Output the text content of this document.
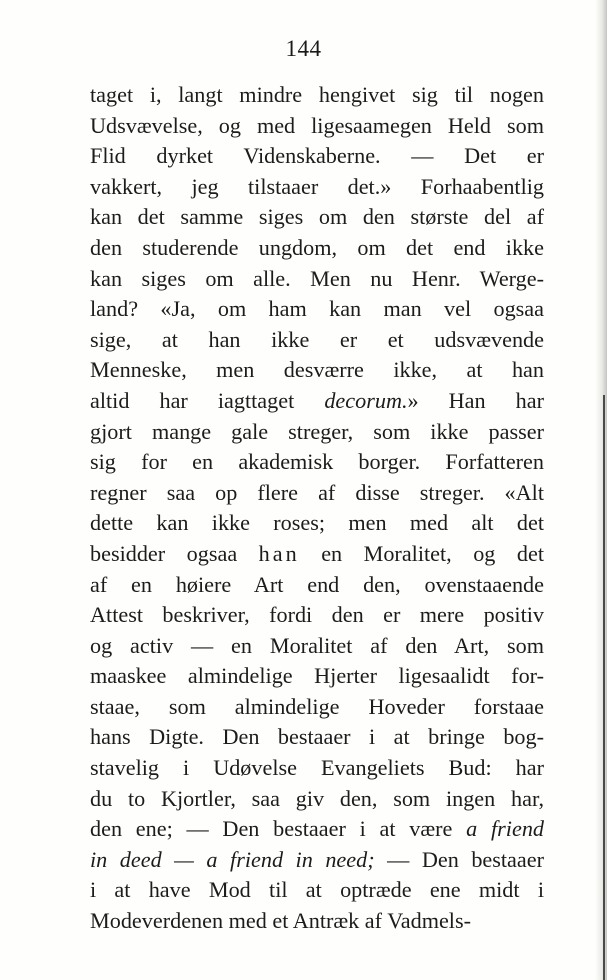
144
taget i, langt mindre hengivet sig til nogen
Udsvævelse, og med ligesaamegen Held som
Flid dyrket Videnskaberne. — Det er
vakkert, jeg tilstaaer det.» Forhaabentlig
kan det samme siges om den største del af
den studerende ungdom, om det end ikke
kan siges om alle. Men nu Henr. Werge-
land? «Ja, om ham kan man vel ogsaa
sige, at han ikke er et udsvævende
Menneske, men desværre ikke, at han
altid har iagttaget decorum.» Han har
gjort mange gale streger, som ikke passer
sig for en akademisk borger. Forfatteren
regner saa op flere af disse streger. «Alt
dette kan ikke roses; men med alt det
besidder ogsaa han en Moralitet, og det
af en høiere Art end den, ovenstaaende
Attest beskriver, fordi den er mere positiv
og activ — en Moralitet af den Art, som
maaskee almindelige Hjerter ligesaalidt for-
staae, som almindelige Hoveder forstaae
hans Digte. Den bestaaer i at bringe bog-
stavelig i Udøvelse Evangeliets Bud: har
du to Kjortler, saa giv den, som ingen har,
den ene; — Den bestaaer i at være a friend
in deed — a friend in need; — Den bestaaer
i at have Mod til at optræde ene midt i
Modeverdenen med et Antræk af Vadmels-
